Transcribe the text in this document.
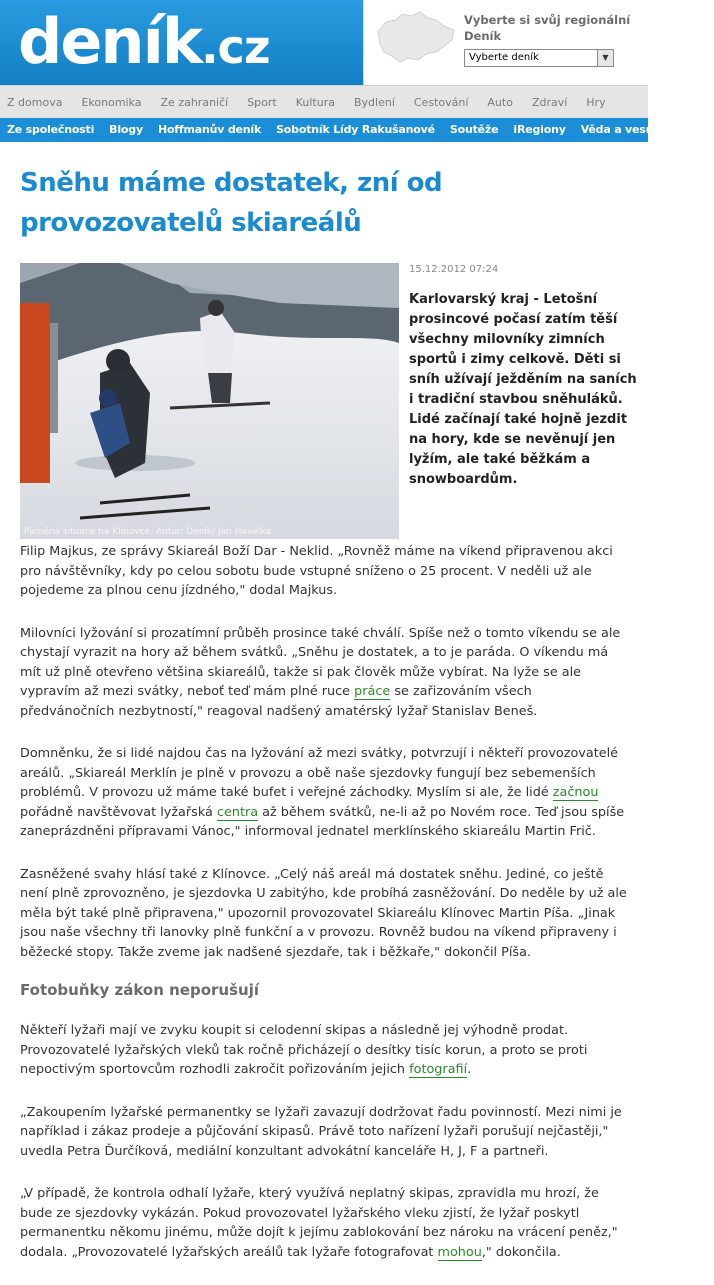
deník.cz	Vyberte si svůj regionální Deník
Vyberte deník	▼
Z domova Ekonomika Ze zahraničí Sport Kultura Bydlení Cestování Auto Zdraví Hry
Ze společnosti Blogy Hoffmanův deník Sobotník Lídy Rakušanové Soutěže iRegiony Věda a vesmír Tipli
Sněhu máme dostatek, zní od provozovatelů skiareálů
Páměná situace na Klínovce. Autor: Deník/ Jan Havelka
15.12.2012 07:24
Karlovarský kraj - Letošní prosincové počasí zatím těší všechny milovníky zimních sportů i zimy celkově. Děti si sníh užívají ježděním na saních i tradiční stavbou sněhuláků. Lidé začínají také hojně jezdit na hory, kde se nevěnují jen lyžím, ale také běžkám a snowboardům.

Filip Majkus, ze správy Skiareál Boží Dar - Neklid. „Rovněž máme na víkend připravenou akci pro návštěvníky, kdy po celou sobotu bude vstupné sníženo o 25 procent. V neděli už ale pojedeme za plnou cenu jízdného," dodal Majkus.

Milovníci lyžování si prozatímní průběh prosince také chválí. Spíše než o tomto víkendu se ale chystají vyrazit na hory až během svátků. „Sněhu je dostatek, a to je paráda. O víkendu má mít už plně otevřeno většina skiareálů, takže si pak člověk může vybírat. Na lyže se ale vypravím až mezi svátky, neboť teď mám plné ruce práce se zařizováním všech předvánočních nezbytností," reagoval nadšený amatérský lyžař Stanislav Beneš.

Domněnku, že si lidé najdou čas na lyžování až mezi svátky, potvrzují i někteří provozovatelé areálů. „Skiareál Merklín je plně v provozu a obě naše sjezdovky fungují bez sebemenších problémů. V provozu už máme také bufet i veřejné záchodky. Myslím si ale, že lidé začnou pořádně navštěvovat lyžařská centra až během svátků, ne-li až po Novém roce. Teď jsou spíše zaneprázdněni přípravami Vánoc," informoval jednatel merklínského skiareálu Martin Frič.

Zasněžené svahy hlásí také z Klínovce. „Celý náš areál má dostatek sněhu. Jediné, co ještě není plně zprovozněno, je sjezdovka U zabitýho, kde probíhá zasněžování. Do neděle by už ale měla být také plně připravena," upozornil provozovatel Skiareálu Klínovec Martin Píša. „Jinak jsou naše všechny tři lanovky plně funkční a v provozu. Rovněž budou na víkend připraveny i běžecké stopy. Takže zveme jak nadšené sjezdaře, tak i běžkaře," dokončil Píša.

Fotobuňky zákon neporušují

Někteří lyžaři mají ve zvyku koupit si celodenní skipas a následně jej výhodně prodat. Provozovatelé lyžařských vleků tak ročně přicházejí o desítky tisíc korun, a proto se proti nepoctivým sportovcům rozhodli zakročit pořizováním jejich fotografií.

„Zakoupením lyžařské permanentky se lyžaři zavazují dodržovat řadu povinností. Mezi nimi je například i zákaz prodeje a půjčování skipasů. Právě toto nařízení lyžaři porušují nejčastěji," uvedla Petra Ďurčíková, mediální konzultant advokátní kanceláře H, J, F a partneři.

„V případě, že kontrola odhalí lyžaře, který využívá neplatný skipas, zpravidla mu hrozí, že bude ze sjezdovky vykázán. Pokud provozovatel lyžařského vleku zjistí, že lyžař poskytl permanentku někomu jinému, může dojít k jejímu zablokování bez nároku na vrácení peněz," dodala. „Provozovatelé lyžařských areálů tak lyžaře fotografovat mohou," dokončila.
